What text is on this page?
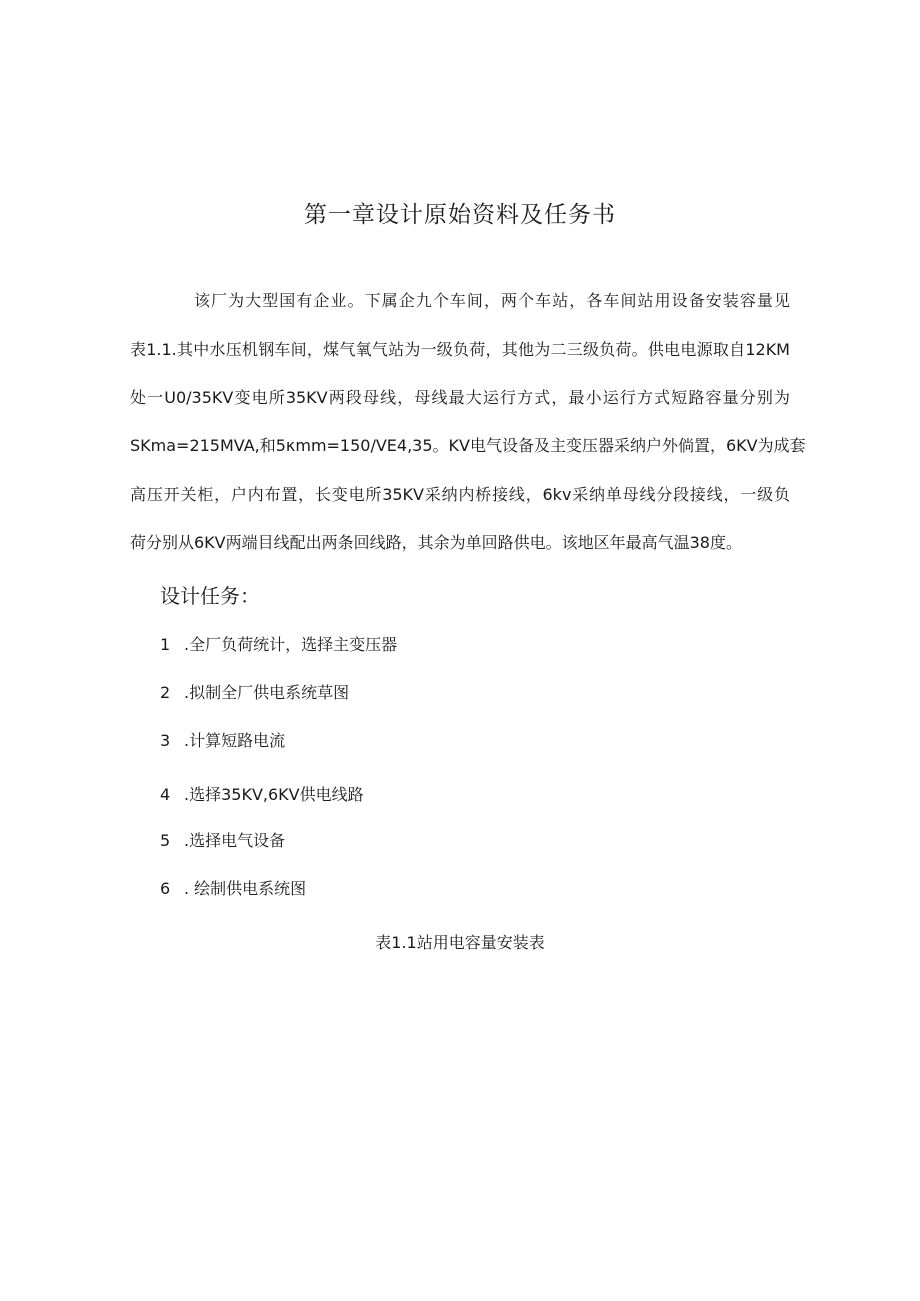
第一章设计原始资料及任务书
该厂为大型国有企业。下属企九个车间，两个车站，各车间站用设备安装容量见
表1.1.其中水压机钢车间，煤气氧气站为一级负荷，其他为二三级负荷。供电电源取自12KM
处一U0/35KV变电所35KV两段母线，母线最大运行方式，最小运行方式短路容量分别为
SKma=215MVA,和5κmm=150/VE4,35。KV电气设备及主变压器采纳户外倘置，6KV为成套
高压开关柜，户内布置，长变电所35KV采纳内桥接线，6kv采纳单母线分段接线，一级负
荷分别从6KV两端目线配出两条回线路，其余为单回路供电。该地区年最高气温38度。
设计任务：
1 .全厂负荷统计，选择主变压器
2 .拟制全厂供电系统草图
3 .计算短路电流
4 .选择35KV,6KV供电线路
5 .选择电气设备
6 . 绘制供电系统图
表1.1站用电容量安装表
